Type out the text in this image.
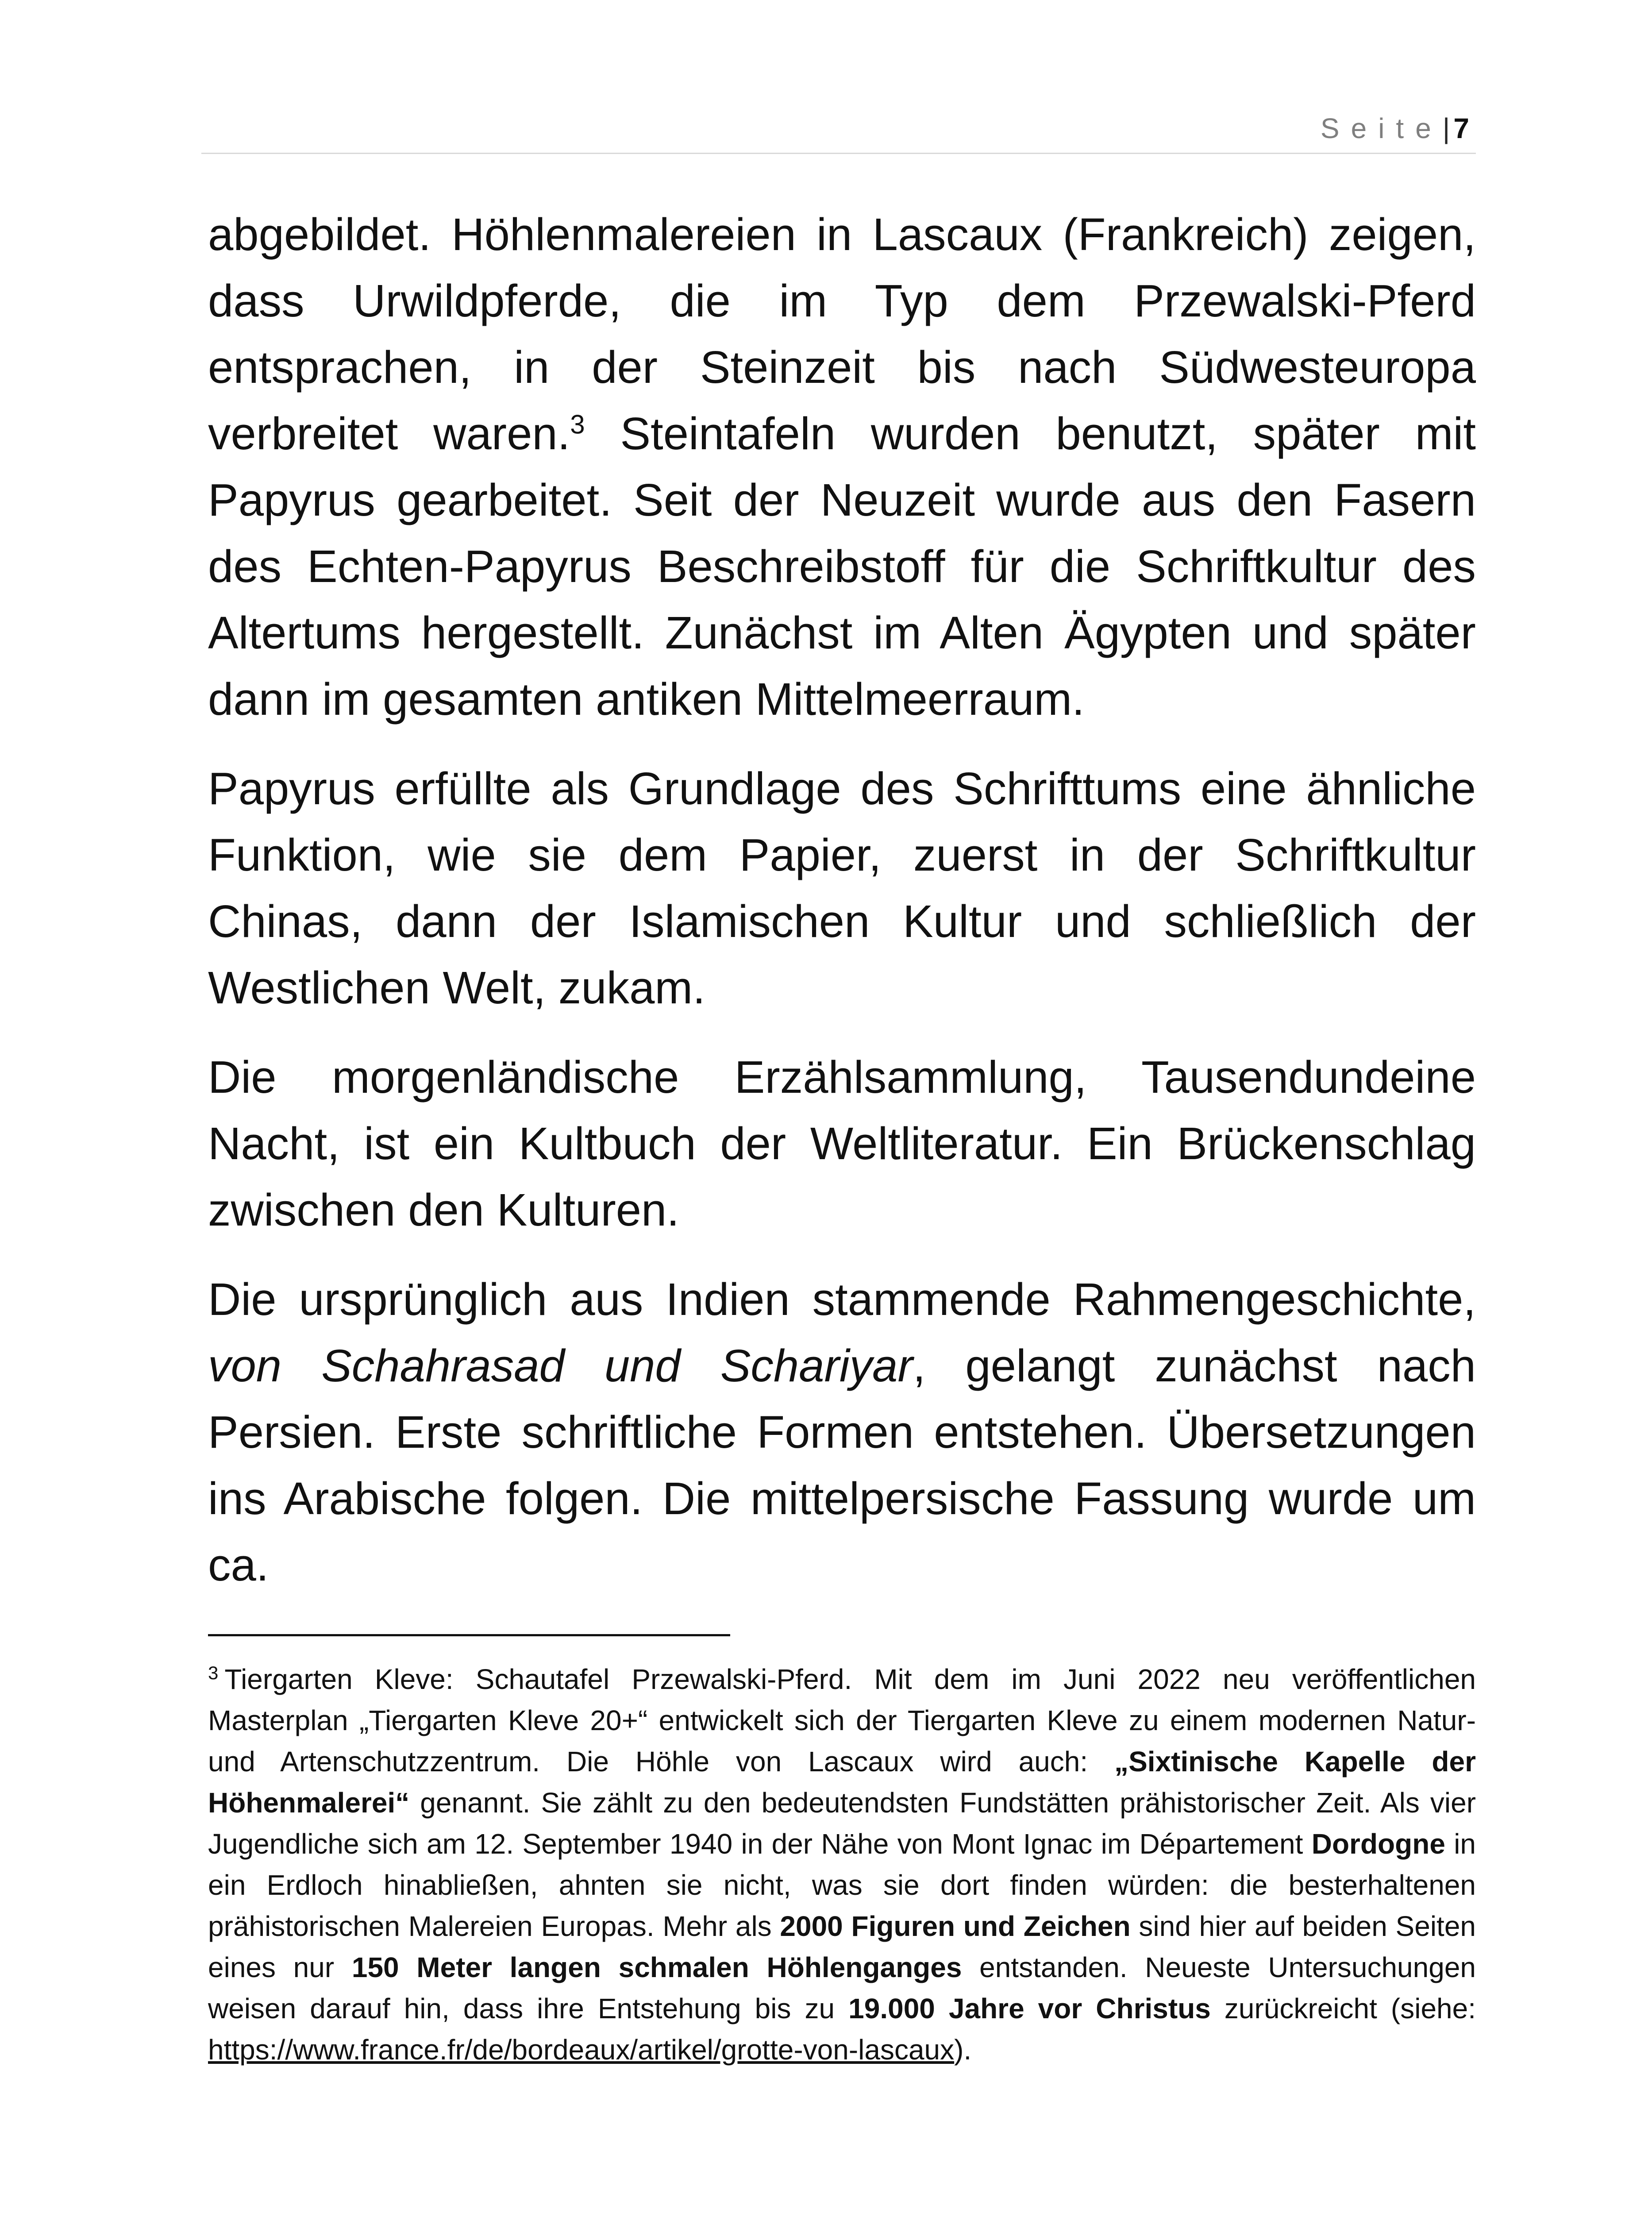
Seite| 7

abgebildet. Höhlenmalereien in Lascaux (Frankreich) zeigen, dass Urwildpferde, die im Typ dem Przewalski-Pferd entsprachen, in der Steinzeit bis nach Südwesteuropa verbreitet waren.$^3$ Steintafeln wurden benutzt, später mit Papyrus gearbeitet. Seit der Neuzeit wurde aus den Fasern des Echten-Papyrus Beschreibstoff für die Schriftkultur des Altertums hergestellt. Zunächst im Alten Ägypten und später dann im gesamten antiken Mittelmeerraum.

Papyrus erfüllte als Grundlage des Schrifttums eine ähnliche Funktion, wie sie dem Papier, zuerst in der Schriftkultur Chinas, dann der Islamischen Kultur und schließlich der Westlichen Welt, zukam.

Die morgenländische Erzählsammlung, Tausendundeine Nacht, ist ein Kultbuch der Weltliteratur. Ein Brückenschlag zwischen den Kulturen.

Die ursprünglich aus Indien stammende Rahmengeschichte, von Schahrasad und Schariyar, gelangt zunächst nach Persien. Erste schriftliche Formen entstehen. Übersetzungen ins Arabische folgen. Die mittelpersische Fassung wurde um ca.

$^3$ Tiergarten Kleve: Schautafel Przewalski-Pferd. Mit dem im Juni 2022 neu veröffentlichen Masterplan „Tiergarten Kleve 20+“ entwickelt sich der Tiergarten Kleve zu einem modernen Natur- und Artenschutzzentrum. Die Höhle von Lascaux wird auch: „Sixtinische Kapelle der Höhenmalerei“ genannt. Sie zählt zu den bedeutendsten Fundstätten prähistorischer Zeit. Als vier Jugendliche sich am 12. September 1940 in der Nähe von Mont Ignac im Département Dordogne in ein Erdloch hinabließen, ahnten sie nicht, was sie dort finden würden: die besterhaltenen prähistorischen Malereien Europas. Mehr als 2000 Figuren und Zeichen sind hier auf beiden Seiten eines nur 150 Meter langen schmalen Höhlenganges entstanden. Neueste Untersuchungen weisen darauf hin, dass ihre Entstehung bis zu 19.000 Jahre vor Christus zurückreicht (siehe: https://www.france.fr/de/bordeaux/artikel/grotte-von-lascaux).
